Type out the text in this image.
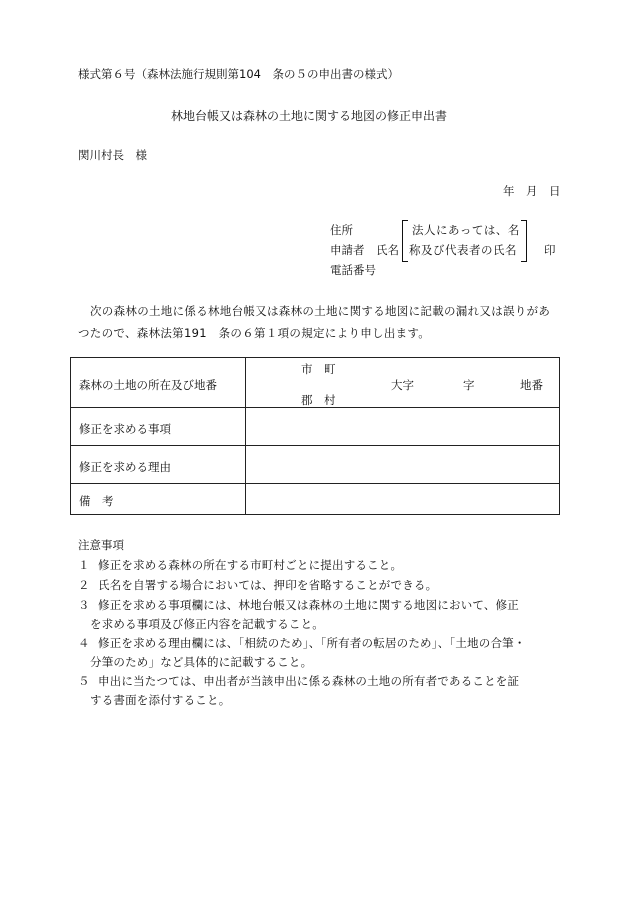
様式第６号（森林法施行規則第104　条の５の申出書の様式）
林地台帳又は森林の土地に関する地図の修正申出書
関川村長　様
年　月　日
住所
申請者 氏名
電話番号
法人にあっては、名
称及び代表者の氏名 印
次の森林の土地に係る林地台帳又は森林の土地に関する地図に記載の漏れ又は誤りがあつたので、森林法第191　条の６第１項の規定により申し出ます。
森林の土地の所在及び地番
市　町
郡　村
大字	字	地番
修正を求める事項
修正を求める理由
備　考
注意事項
１ 修正を求める森林の所在する市町村ごとに提出すること。
２ 氏名を自署する場合においては、押印を省略することができる。
３ 修正を求める事項欄には、林地台帳又は森林の土地に関する地図において、修正
を求める事項及び修正内容を記載すること。
４ 修正を求める理由欄には、「相続のため」、「所有者の転居のため」、「土地の合筆・
分筆のため」など具体的に記載すること。
５ 申出に当たつては、申出者が当該申出に係る森林の土地の所有者であることを証
する書面を添付すること。
